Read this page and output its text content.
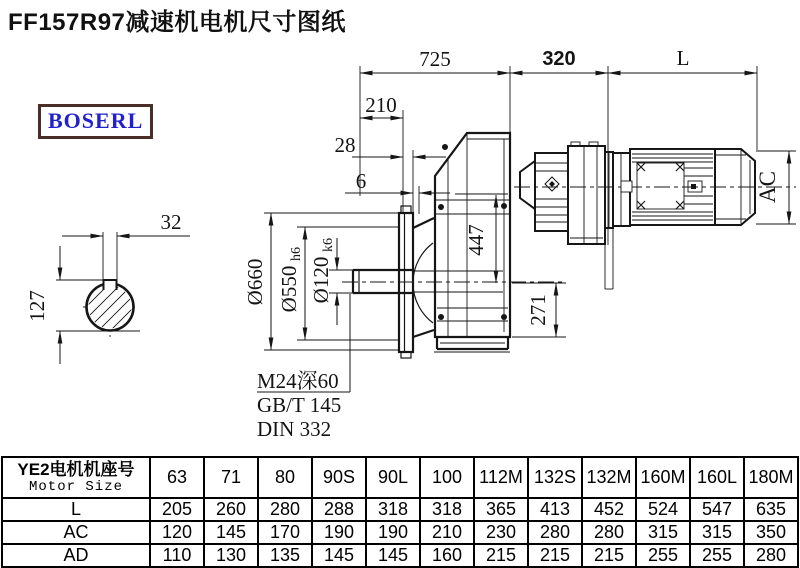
FF157R97减速机电机尺寸图纸
BOSERL
725	320	L
210
28
6
32
127
Ø660 Ø550
h6
Ø120
k6	447
271
AC
M24深60
GB/T 145
DIN 332
YE2电机机座号
Motor Size	63	71	80	90S	90L	100	112M	132S	132M	160M	160L	180M
L	205	260	280	288	318	318	365	413	452	524	547	635
AC	120	145	170	190	190	210	230	280	280	315	315	350
AD	110	130	135	145	145	160	215	215	215	255	255	280
